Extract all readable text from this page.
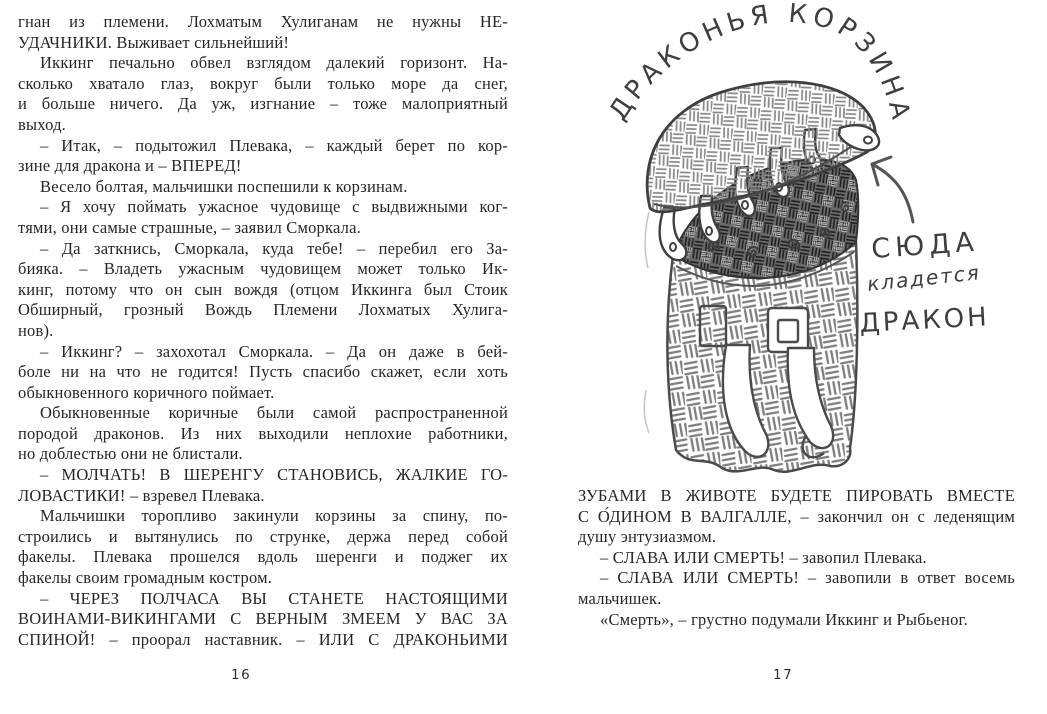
гнан из племени. Лохматым Хулиганам не нужны НЕ-
УДАЧНИКИ. Выживает сильнейший!
Иккинг печально обвел взглядом далекий горизонт. На-
сколько хватало глаз, вокруг были только море да снег,
и больше ничего. Да уж, изгнание – тоже малоприятный
выход.
– Итак, – подытожил Плевака, – каждый берет по кор-
зине для дракона и – ВПЕРЕД!
Весело болтая, мальчишки поспешили к корзинам.
– Я хочу поймать ужасное чудовище с выдвижными ког-
тями, они самые страшные, – заявил Сморкала.
– Да заткнись, Сморкала, куда тебе! – перебил его За-
бияка. – Владеть ужасным чудовищем может только Ик-
кинг, потому что он сын вождя (отцом Иккинга был Стоик
Обширный, грозный Вождь Племени Лохматых Хулига-
нов).
– Иккинг? – захохотал Сморкала. – Да он даже в бей-
боле ни на что не годится! Пусть спасибо скажет, если хоть
обыкновенного коричного поймает.
Обыкновенные коричные были самой распространенной
породой драконов. Из них выходили неплохие работники,
но доблестью они не блистали.
– МОЛЧАТЬ! В ШЕРЕНГУ СТАНОВИСЬ, ЖАЛКИЕ ГО-
ЛОВАСТИКИ! – взревел Плевака.
Мальчишки торопливо закинули корзины за спину, по-
строились и вытянулись по струнке, держа перед собой
факелы. Плевака прошелся вдоль шеренги и поджег их
факелы своим громадным костром.
– ЧЕРЕЗ ПОЛЧАСА ВЫ СТАНЕТЕ НАСТОЯЩИМИ
ВОИНАМИ-ВИКИНГАМИ С ВЕРНЫМ ЗМЕЕМ У ВАС ЗА
СПИНОЙ! – проорал наставник. – ИЛИ С ДРАКОНЬИМИ
ЗУБАМИ В ЖИВОТЕ БУДЕТЕ ПИРОВАТЬ ВМЕСТЕ
С О́ДИНОМ В ВАЛГАЛЛЕ, – закончил он с леденящим
душу энтузиазмом.
– СЛАВА ИЛИ СМЕРТЬ! – завопил Плевака.
– СЛАВА ИЛИ СМЕРТЬ! – завопили в ответ восемь
мальчишек.
«Смерть», – грустно подумали Иккинг и Рыбьеног.
16	17
ДРАКОНЬЯ КОРЗИНА
СЮДА
кладется
ДРАКОН
